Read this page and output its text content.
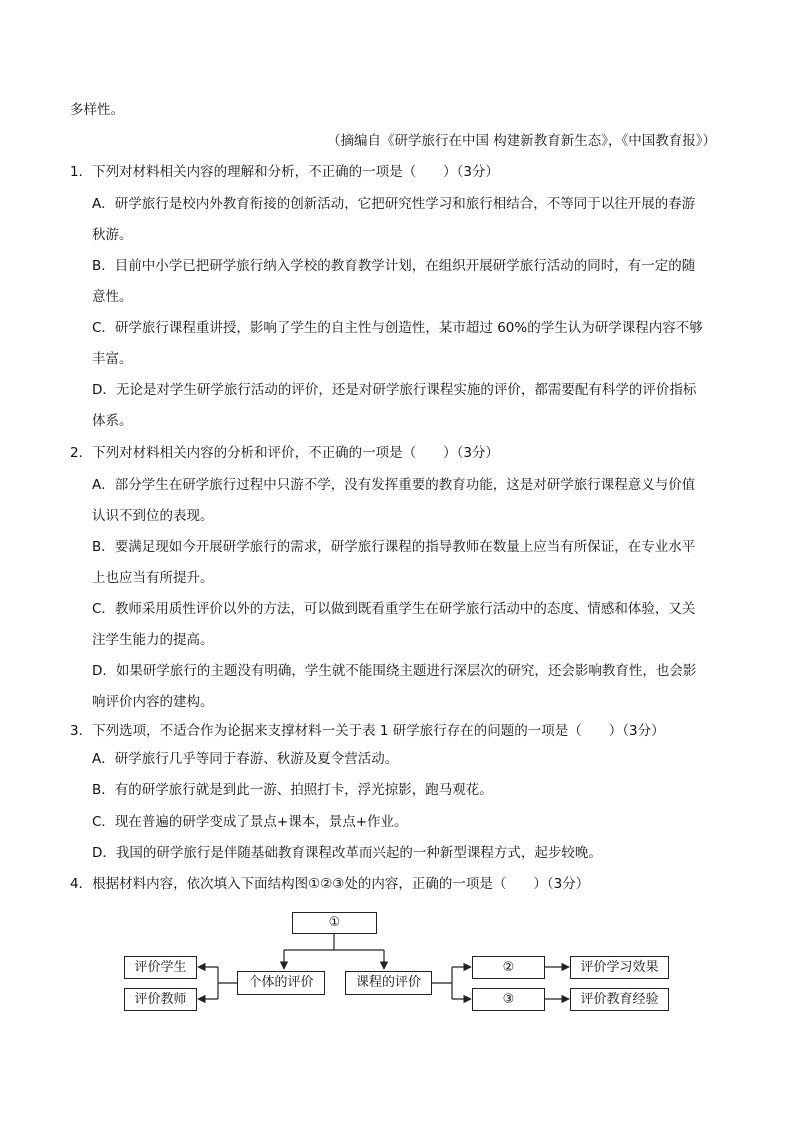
多样性。
（摘编自《研学旅行在中国 构建新教育新生态》，《中国教育报》）
1．下列对材料相关内容的理解和分析，不正确的一项是（　　）（3分）
A．研学旅行是校内外教育衔接的创新活动，它把研究性学习和旅行相结合，不等同于以往开展的春游
秋游。
B．目前中小学已把研学旅行纳入学校的教育教学计划，在组织开展研学旅行活动的同时，有一定的随
意性。
C．研学旅行课程重讲授，影响了学生的自主性与创造性，某市超过 60%的学生认为研学课程内容不够
丰富。
D．无论是对学生研学旅行活动的评价，还是对研学旅行课程实施的评价，都需要配有科学的评价指标
体系。
2．下列对材料相关内容的分析和评价，不正确的一项是（　　）（3分）
A．部分学生在研学旅行过程中只游不学，没有发挥重要的教育功能，这是对研学旅行课程意义与价值
认识不到位的表现。
B．要满足现如今开展研学旅行的需求，研学旅行课程的指导教师在数量上应当有所保证，在专业水平
上也应当有所提升。
C．教师采用质性评价以外的方法，可以做到既看重学生在研学旅行活动中的态度、情感和体验，又关
注学生能力的提高。
D．如果研学旅行的主题没有明确，学生就不能围绕主题进行深层次的研究，还会影响教育性，也会影
响评价内容的建构。
3．下列选项，不适合作为论据来支撑材料一关于表 1 研学旅行存在的问题的一项是（　　）（3分）
A．研学旅行几乎等同于春游、秋游及夏令营活动。
B．有的研学旅行就是到此一游、拍照打卡，浮光掠影，跑马观花。
C．现在普遍的研学变成了景点+课本，景点+作业。
D．我国的研学旅行是伴随基础教育课程改革而兴起的一种新型课程方式，起步较晚。
4．根据材料内容，依次填入下面结构图①②③处的内容，正确的一项是（　　）（3分）
①
个体的评价	课程的评价
评价学生
评价教师
②
③
评价学习效果
评价教育经验
